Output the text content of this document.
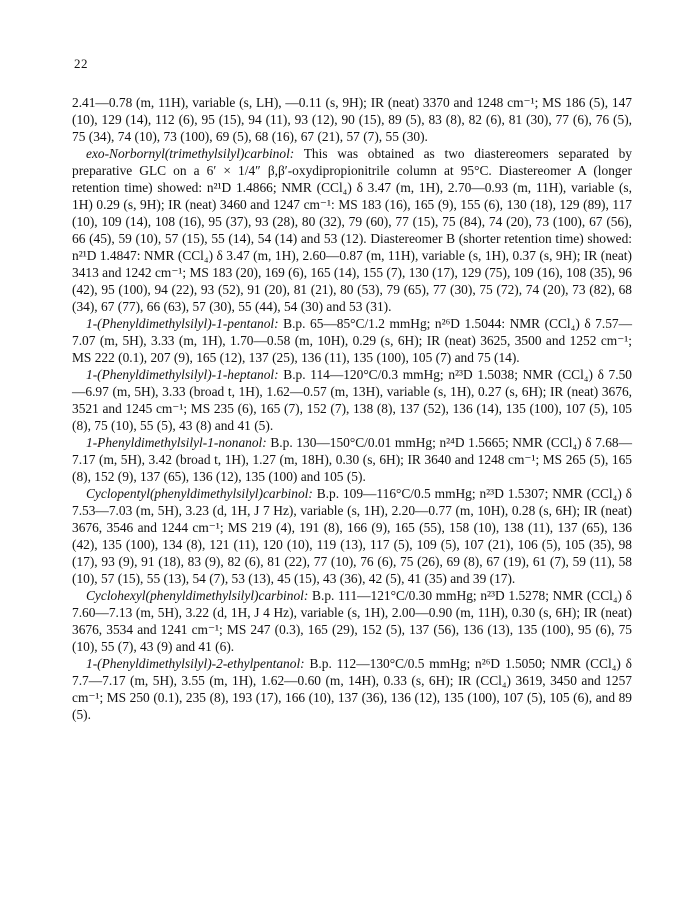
22

2.41—0.78 (m, 11H), variable (s, LH), —0.11 (s, 9H); IR (neat) 3370 and 1248 cm⁻¹; MS 186 (5), 147 (10), 129 (14), 112 (6), 95 (15), 94 (11), 93 (12), 90 (15), 89 (5), 83 (8), 82 (6), 81 (30), 77 (6), 76 (5), 75 (34), 74 (10), 73 (100), 69 (5), 68 (16), 67 (21), 57 (7), 55 (30).

exo-Norbornyl(trimethylsilyl)carbinol: This was obtained as two diastereomers separated by preparative GLC on a 6′ × 1/4″ β,β′-oxydipropionitrile column at 95°C. Diastereomer A (longer retention time) showed: n²¹D 1.4866; NMR (CCl₄) δ 3.47 (m, 1H), 2.70—0.93 (m, 11H), variable (s, 1H) 0.29 (s, 9H); IR (neat) 3460 and 1247 cm⁻¹: MS 183 (16), 165 (9), 155 (6), 130 (18), 129 (89), 117 (10), 109 (14), 108 (16), 95 (37), 93 (28), 80 (32), 79 (60), 77 (15), 75 (84), 74 (20), 73 (100), 67 (56), 66 (45), 59 (10), 57 (15), 55 (14), 54 (14) and 53 (12). Diastereomer B (shorter retention time) showed: n²¹D 1.4847: NMR (CCl₄) δ 3.47 (m, 1H), 2.60—0.87 (m, 11H), variable (s, 1H), 0.37 (s, 9H); IR (neat) 3413 and 1242 cm⁻¹; MS 183 (20), 169 (6), 165 (14), 155 (7), 130 (17), 129 (75), 109 (16), 108 (35), 96 (42), 95 (100), 94 (22), 93 (52), 91 (20), 81 (21), 80 (53), 79 (65), 77 (30), 75 (72), 74 (20), 73 (82), 68 (34), 67 (77), 66 (63), 57 (30), 55 (44), 54 (30) and 53 (31).

1-(Phenyldimethylsilyl)-1-pentanol: B.p. 65—85°C/1.2 mmHg; n²⁶D 1.5044: NMR (CCl₄) δ 7.57—7.07 (m, 5H), 3.33 (m, 1H), 1.70—0.58 (m, 10H), 0.29 (s, 6H); IR (neat) 3625, 3500 and 1252 cm⁻¹; MS 222 (0.1), 207 (9), 165 (12), 137 (25), 136 (11), 135 (100), 105 (7) and 75 (14).

1-(Phenyldimethylsilyl)-1-heptanol: B.p. 114—120°C/0.3 mmHg; n²³D 1.5038; NMR (CCl₄) δ 7.50—6.97 (m, 5H), 3.33 (broad t, 1H), 1.62—0.57 (m, 13H), variable (s, 1H), 0.27 (s, 6H); IR (neat) 3676, 3521 and 1245 cm⁻¹; MS 235 (6), 165 (7), 152 (7), 138 (8), 137 (52), 136 (14), 135 (100), 107 (5), 105 (8), 75 (10), 55 (5), 43 (8) and 41 (5).

1-Phenyldimethylsilyl-1-nonanol: B.p. 130—150°C/0.01 mmHg; n²⁴D 1.5665; NMR (CCl₄) δ 7.68—7.17 (m, 5H), 3.42 (broad t, 1H), 1.27 (m, 18H), 0.30 (s, 6H); IR 3640 and 1248 cm⁻¹; MS 265 (5), 165 (8), 152 (9), 137 (65), 136 (12), 135 (100) and 105 (5).

Cyclopentyl(phenyldimethylsilyl)carbinol: B.p. 109—116°C/0.5 mmHg; n²³D 1.5307; NMR (CCl₄) δ 7.53—7.03 (m, 5H), 3.23 (d, 1H, J 7 Hz), variable (s, 1H), 2.20—0.77 (m, 10H), 0.28 (s, 6H); IR (neat) 3676, 3546 and 1244 cm⁻¹; MS 219 (4), 191 (8), 166 (9), 165 (55), 158 (10), 138 (11), 137 (65), 136 (42), 135 (100), 134 (8), 121 (11), 120 (10), 119 (13), 117 (5), 109 (5), 107 (21), 106 (5), 105 (35), 98 (17), 93 (9), 91 (18), 83 (9), 82 (6), 81 (22), 77 (10), 76 (6), 75 (26), 69 (8), 67 (19), 61 (7), 59 (11), 58 (10), 57 (15), 55 (13), 54 (7), 53 (13), 45 (15), 43 (36), 42 (5), 41 (35) and 39 (17).

Cyclohexyl(phenyldimethylsilyl)carbinol: B.p. 111—121°C/0.30 mmHg; n²³D 1.5278; NMR (CCl₄) δ 7.60—7.13 (m, 5H), 3.22 (d, 1H, J 4 Hz), variable (s, 1H), 2.00—0.90 (m, 11H), 0.30 (s, 6H); IR (neat) 3676, 3534 and 1241 cm⁻¹; MS 247 (0.3), 165 (29), 152 (5), 137 (56), 136 (13), 135 (100), 95 (6), 75 (10), 55 (7), 43 (9) and 41 (6).

1-(Phenyldimethylsilyl)-2-ethylpentanol: B.p. 112—130°C/0.5 mmHg; n²⁶D 1.5050; NMR (CCl₄) δ 7.7—7.17 (m, 5H), 3.55 (m, 1H), 1.62—0.60 (m, 14H), 0.33 (s, 6H); IR (CCl₄) 3619, 3450 and 1257 cm⁻¹; MS 250 (0.1), 235 (8), 193 (17), 166 (10), 137 (36), 136 (12), 135 (100), 107 (5), 105 (6), and 89 (5).
